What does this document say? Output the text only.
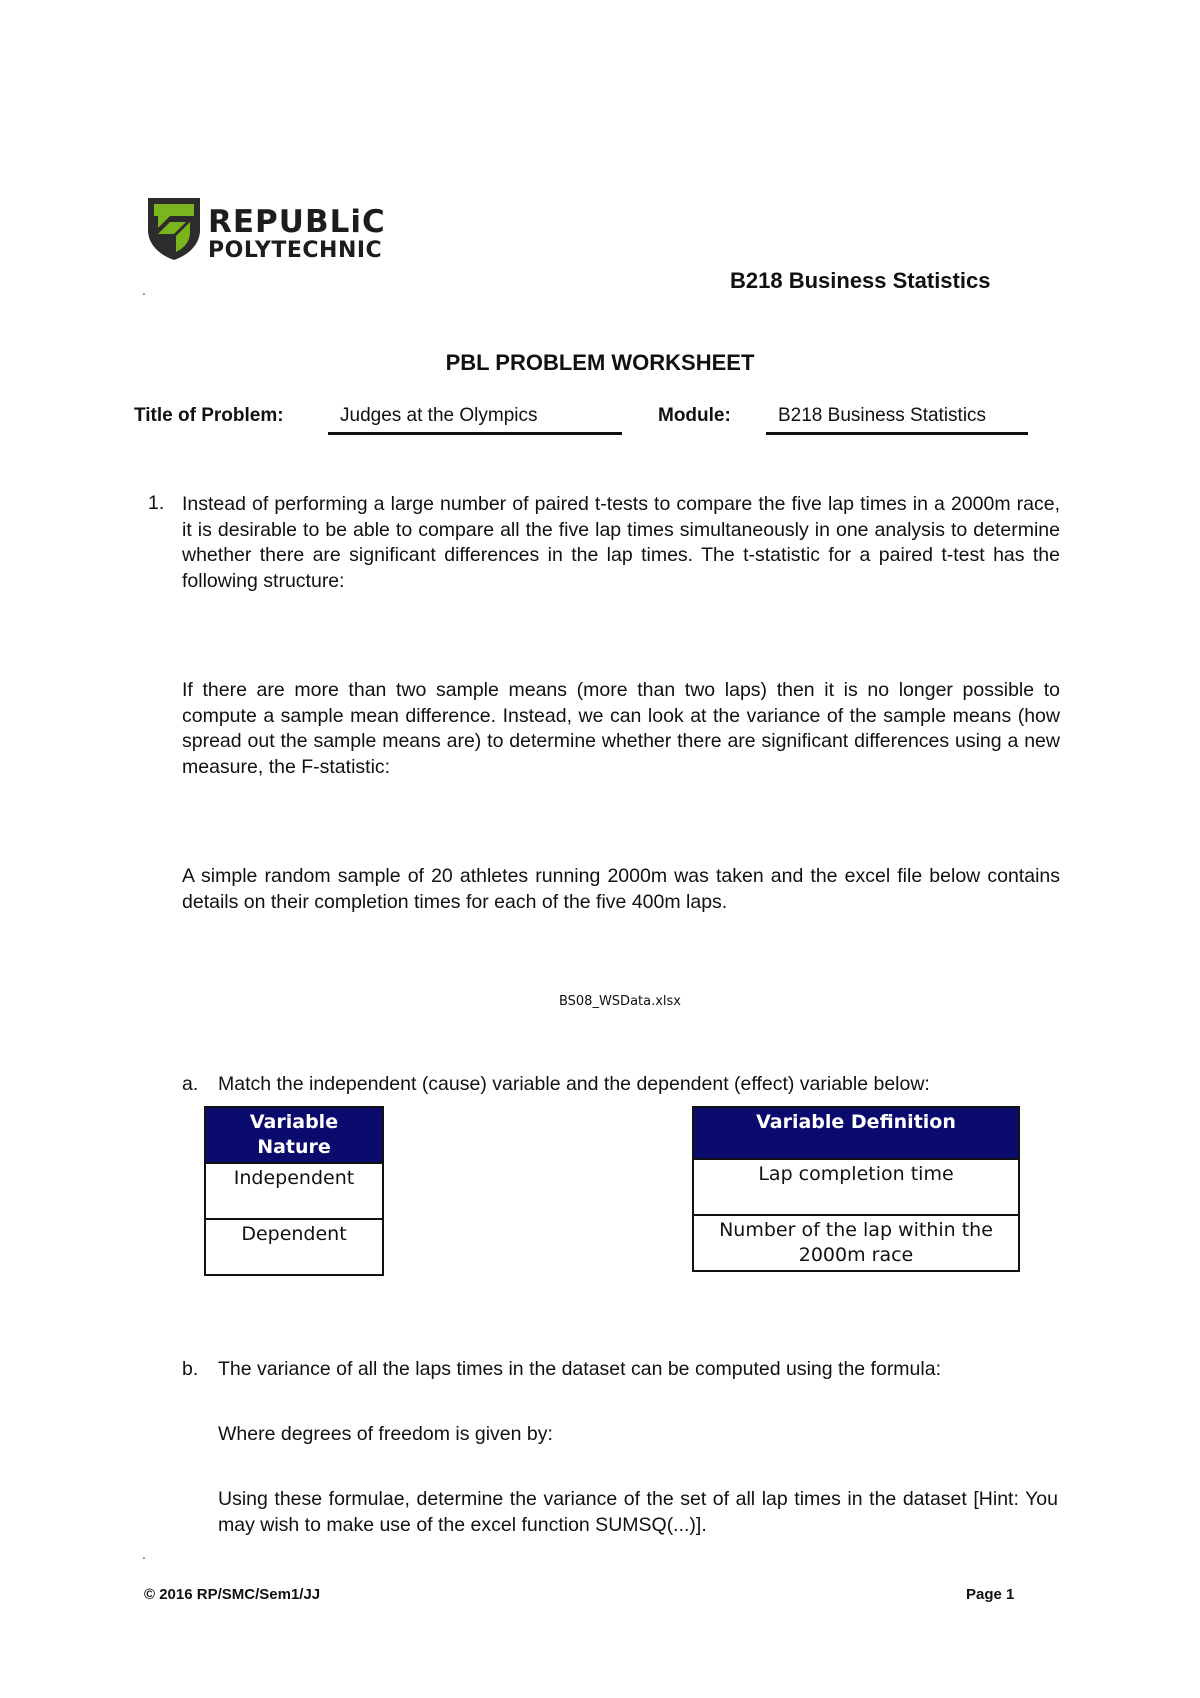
REPUBLiC
POLYTECHNIC
.	B218 Business Statistics
PBL PROBLEM WORKSHEET
Title of Problem:	Judges at the Olympics	Module: B218 Business Statistics
1. Instead of performing a large number of paired t-tests to compare the five lap times in a 2000m race, it is desirable to be able to compare all the five lap times simultaneously in one analysis to determine whether there are significant differences in the lap times. The t-statistic for a paired t-test has the following structure:
If there are more than two sample means (more than two laps) then it is no longer possible to compute a sample mean difference. Instead, we can look at the variance of the sample means (how spread out the sample means are) to determine whether there are significant differences using a new measure, the F-statistic:
A simple random sample of 20 athletes running 2000m was taken and the excel file below contains details on their completion times for each of the five 400m laps.
BS08_WSData.xlsx
a. Match the independent (cause) variable and the dependent (effect) variable below:
Variable Nature
Independent
Dependent
Variable Definition
Lap completion time
Number of the lap within the 2000m race
b. The variance of all the laps times in the dataset can be computed using the formula:
Where degrees of freedom is given by:
Using these formulae, determine the variance of the set of all lap times in the dataset [Hint: You may wish to make use of the excel function SUMSQ(...)].
.
© 2016 RP/SMC/Sem1/JJ	Page 1
